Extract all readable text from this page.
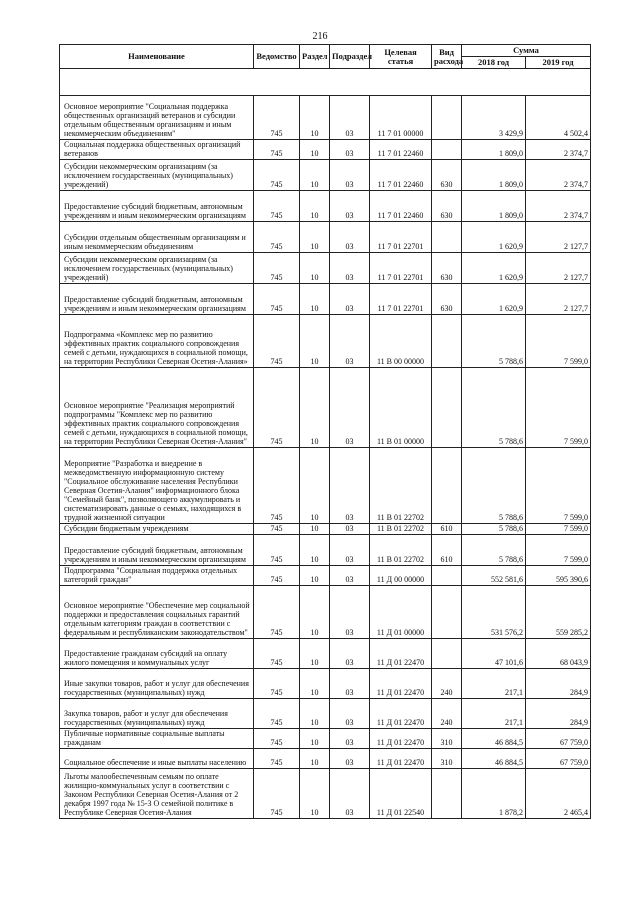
216
Наименование	Ведомство	Раздел	Подраздел	Целевая статья	Вид расхода	Сумма	
						2018 год	2019 год

Основное мероприятие "Социальная поддержка общественных организаций ветеранов и субсидии отдельным общественным организациям и иным некоммерческим объединениям"	745	10	03	11 7 01 00000		3 429,9	4 502,4
Социальная поддержка общественных организаций ветеранов	745	10	03	11 7 01 22460		1 809,0	2 374,7
Субсидии некоммерческим организациям (за исключением государственных (муниципальных) учреждений)	745	10	03	11 7 01 22460	630	1 809,0	2 374,7
Предоставление субсидий бюджетным, автономным учреждениям и иным некоммерческим организациям	745	10	03	11 7 01 22460	630	1 809,0	2 374,7
Субсидии отдельным общественным организациям и иным некоммерческим объединениям	745	10	03	11 7 01 22701		1 620,9	2 127,7
Субсидии некоммерческим организациям (за исключением государственных (муниципальных) учреждений)	745	10	03	11 7 01 22701	630	1 620,9	2 127,7
Предоставление субсидий бюджетным, автономным учреждениям и иным некоммерческим организациям	745	10	03	11 7 01 22701	630	1 620,9	2 127,7
Подпрограмма «Комплекс мер по развитию эффективных практик социального сопровождения семей с детьми, нуждающихся в социальной помощи, на территории Республики Северная Осетия-Алания»	745	10	03	11 В 00 00000		5 788,6	7 599,0
Основное мероприятие "Реализация мероприятий подпрограммы "Комплекс мер по развитию эффективных практик социального сопровождения семей с детьми, нуждающихся в социальной помощи, на территории Республики Северная Осетия-Алания"	745	10	03	11 В 01 00000		5 788,6	7 599,0
Мероприятие "Разработка и внедрение в межведомственную информационную систему "Социальное обслуживание населения Республики Северная Осетия-Алания" информационного блока "Семейный банк", позволяющего аккумулировать и систематизировать данные о семьях, находящихся в трудной жизненной ситуации	745	10	03	11 В 01 22702		5 788,6	7 599,0
Субсидии бюджетным учреждениям	745	10	03	11 В 01 22702	610	5 788,6	7 599,0
Предоставление субсидий бюджетным, автономным учреждениям и иным некоммерческим организациям	745	10	03	11 В 01 22702	610	5 788,6	7 599,0
Подпрограмма "Социальная поддержка отдельных категорий граждан"	745	10	03	11 Д 00 00000		552 581,6	595 390,6
Основное мероприятие "Обеспечение мер социальной поддержки и предоставления социальных гарантий отдельным категориям граждан в соответствии с федеральным и республиканским законодательством"	745	10	03	11 Д 01 00000		531 576,2	559 285,2
Предоставление гражданам субсидий на оплату жилого помещения и коммунальных услуг	745	10	03	11 Д 01 22470		47 101,6	68 043,9
Иные закупки товаров, работ и услуг для обеспечения государственных (муниципальных) нужд	745	10	03	11 Д 01 22470	240	217,1	284,9
Закупка товаров, работ и услуг для обеспечения государственных (муниципальных) нужд	745	10	03	11 Д 01 22470	240	217,1	284,9
Публичные нормативные социальные выплаты гражданам	745	10	03	11 Д 01 22470	310	46 884,5	67 759,0
Социальное обеспечение и иные выплаты населению	745	10	03	11 Д 01 22470	310	46 884,5	67 759,0
Льготы малообеспеченным семьям по оплате жилищно-коммунальных услуг в соответствии с Законом Республики Северная Осетия-Алания от 2 декабря 1997 года № 15-З О семейной политике в Республике Северная Осетия-Алания	745	10	03	11 Д 01 22540		1 878,2	2 465,4
